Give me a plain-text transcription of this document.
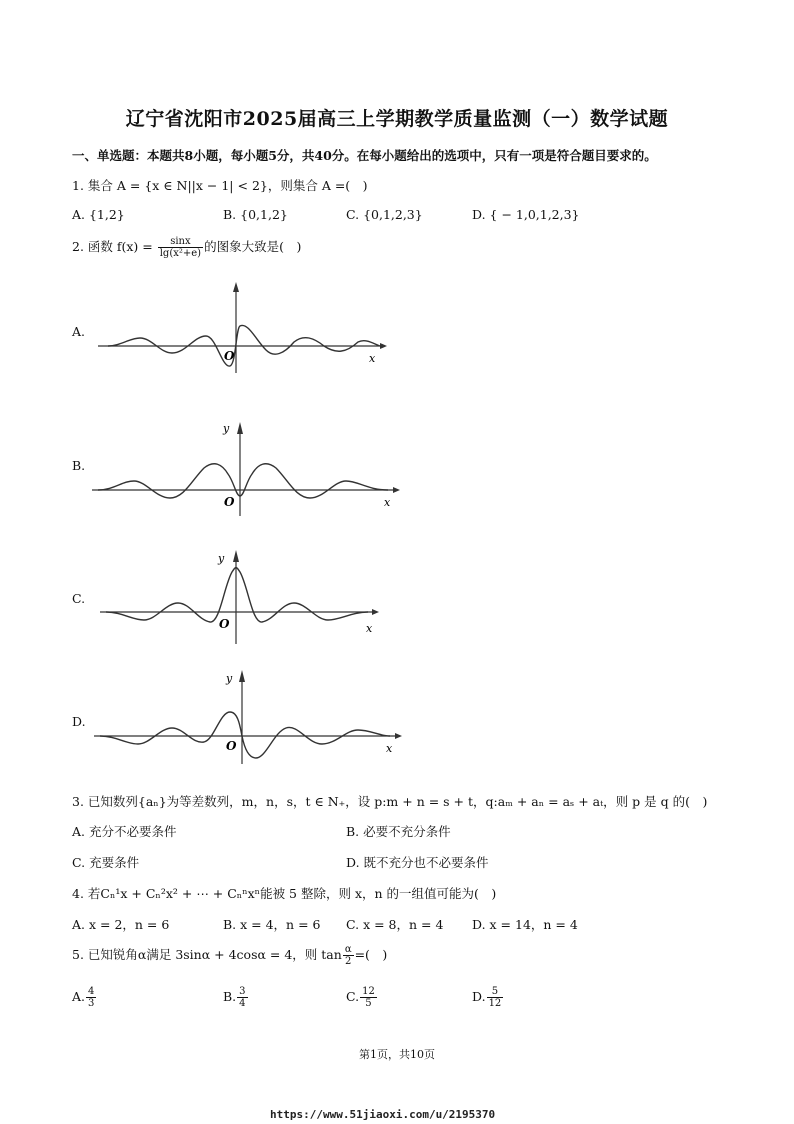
辽宁省沈阳市2025届高三上学期教学质量监测（一）数学试题
一、单选题：本题共8小题，每小题5分，共40分。在每小题给出的选项中，只有一项是符合题目要求的。
1. 集合 A = {x ∈ N||x − 1| < 2}，则集合 A =(　)
A. {1,2}	B. {0,1,2}	C. {0,1,2,3}	D. { − 1,0,1,2,3}
2. 函数 $f(x) = \frac{\sin x}{\text{lg(x²+e)}}$ 的图象大致是(　)
A.
B.
C.
D.
O	x
y
O	x
y
O	x
y
O	x
3. 已知数列{aₙ}为等差数列，m，n，s，t ∈ N₊，设 p:m + n = s + t，q:aₘ + aₙ = aₛ + aₜ，则 p 是 q 的(　)
A. 充分不必要条件	B. 必要不充分条件
C. 充要条件	D. 既不充分也不必要条件
4. 若Cₙ¹x + Cₙ²x² + ⋯ + Cₙⁿxⁿ能被 5 整除，则 x，n 的一组值可能为(　)
A. x = 2，n = 6	B. x = 4，n = 6 C. x = 8，n = 4 D. x = 14，n = 4
5. 已知锐角α满足 3sinα + 4cosα = 4，则 $\tan \frac{\alpha}{2}$ =(　)
A. $\frac{4}{3}$	B. $\frac{3}{4}$	C. $\frac{12}{5}$	D. $\frac{5}{12}$
第1页，共10页
https://www.51jiaoxi.com/u/2195370
